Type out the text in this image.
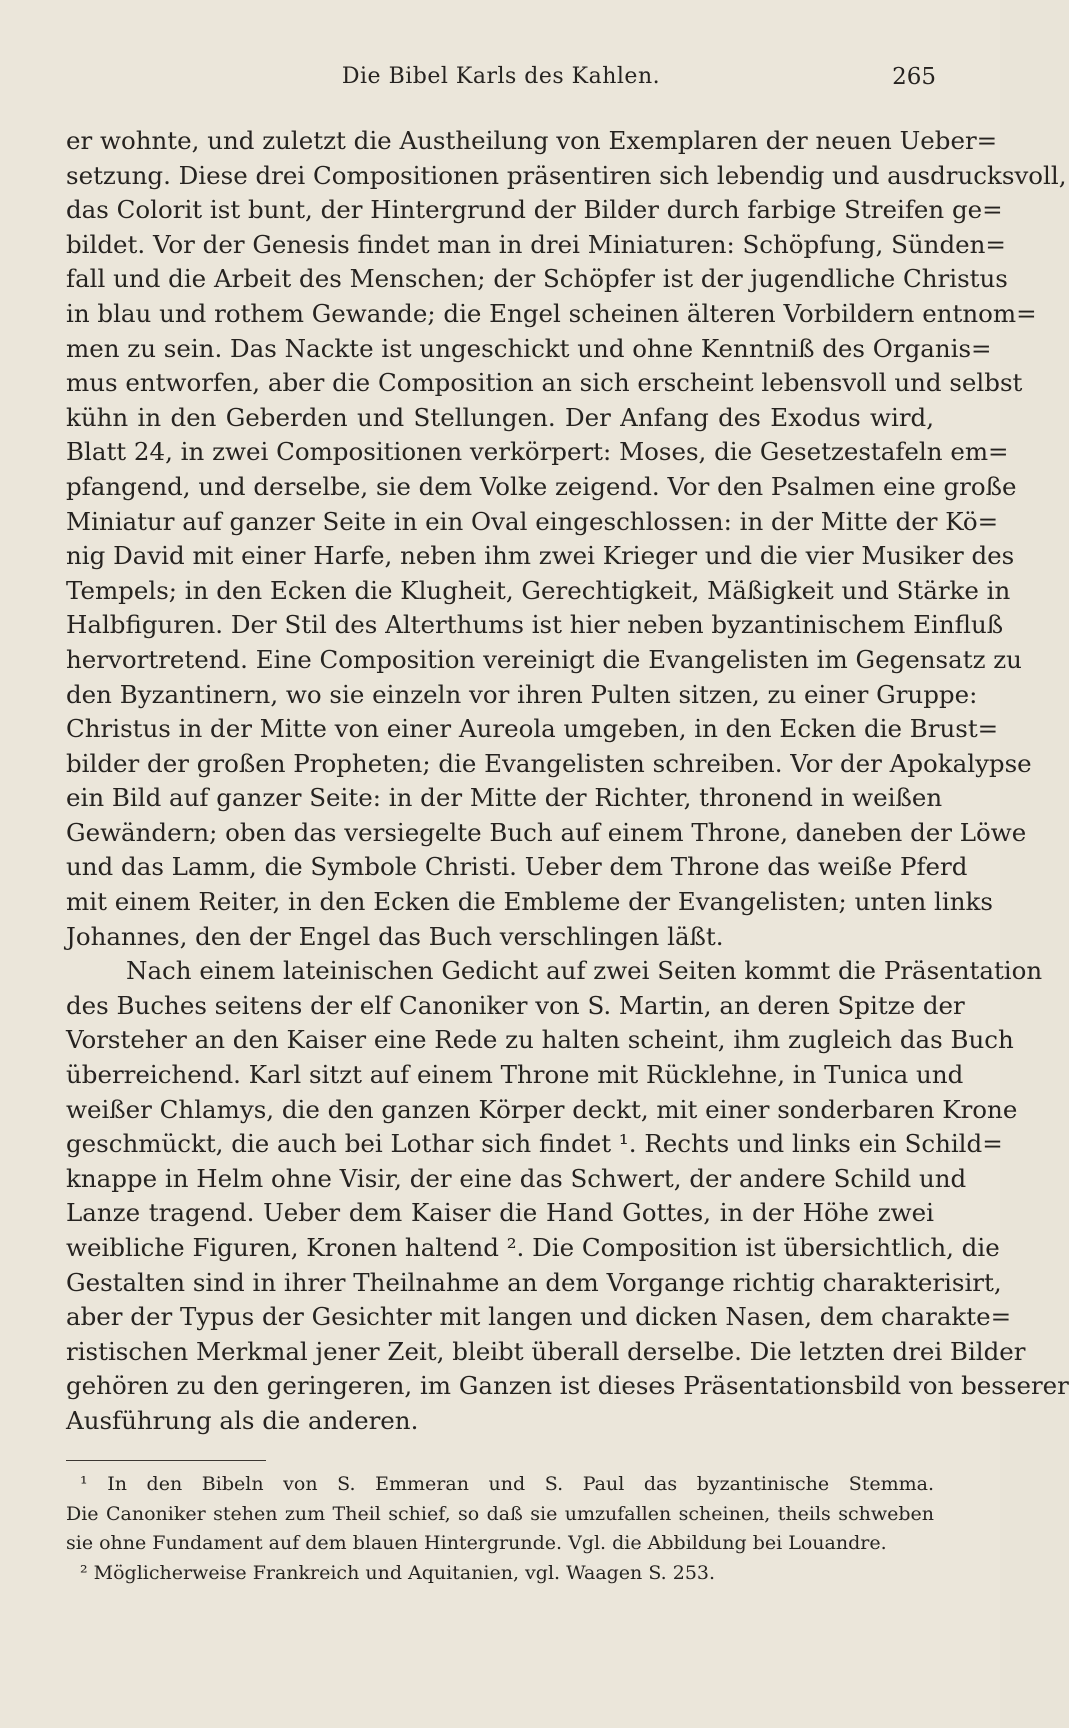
Die Bibel Karls des Kahlen.	265
er wohnte, und zuletzt die Austheilung von Exemplaren der neuen Ueber=
setzung. Diese drei Compositionen präsentiren sich lebendig und ausdrucksvoll,
das Colorit ist bunt, der Hintergrund der Bilder durch farbige Streifen ge=
bildet. Vor der Genesis findet man in drei Miniaturen: Schöpfung, Sünden=
fall und die Arbeit des Menschen; der Schöpfer ist der jugendliche Christus
in blau und rothem Gewande; die Engel scheinen älteren Vorbildern entnom=
men zu sein. Das Nackte ist ungeschickt und ohne Kenntniß des Organis=
mus entworfen, aber die Composition an sich erscheint lebensvoll und selbst
kühn in den Geberden und Stellungen. Der Anfang des Exodus wird,
Blatt 24, in zwei Compositionen verkörpert: Moses, die Gesetzestafeln em=
pfangend, und derselbe, sie dem Volke zeigend. Vor den Psalmen eine große
Miniatur auf ganzer Seite in ein Oval eingeschlossen: in der Mitte der Kö=
nig David mit einer Harfe, neben ihm zwei Krieger und die vier Musiker des
Tempels; in den Ecken die Klugheit, Gerechtigkeit, Mäßigkeit und Stärke in
Halbfiguren. Der Stil des Alterthums ist hier neben byzantinischem Einfluß
hervortretend. Eine Composition vereinigt die Evangelisten im Gegensatz zu
den Byzantinern, wo sie einzeln vor ihren Pulten sitzen, zu einer Gruppe:
Christus in der Mitte von einer Aureola umgeben, in den Ecken die Brust=
bilder der großen Propheten; die Evangelisten schreiben. Vor der Apokalypse
ein Bild auf ganzer Seite: in der Mitte der Richter, thronend in weißen
Gewändern; oben das versiegelte Buch auf einem Throne, daneben der Löwe
und das Lamm, die Symbole Christi. Ueber dem Throne das weiße Pferd
mit einem Reiter, in den Ecken die Embleme der Evangelisten; unten links
Johannes, den der Engel das Buch verschlingen läßt.
Nach einem lateinischen Gedicht auf zwei Seiten kommt die Präsentation
des Buches seitens der elf Canoniker von S. Martin, an deren Spitze der
Vorsteher an den Kaiser eine Rede zu halten scheint, ihm zugleich das Buch
überreichend. Karl sitzt auf einem Throne mit Rücklehne, in Tunica und
weißer Chlamys, die den ganzen Körper deckt, mit einer sonderbaren Krone
geschmückt, die auch bei Lothar sich findet ¹. Rechts und links ein Schild=
knappe in Helm ohne Visir, der eine das Schwert, der andere Schild und
Lanze tragend. Ueber dem Kaiser die Hand Gottes, in der Höhe zwei
weibliche Figuren, Kronen haltend ². Die Composition ist übersichtlich, die
Gestalten sind in ihrer Theilnahme an dem Vorgange richtig charakterisirt,
aber der Typus der Gesichter mit langen und dicken Nasen, dem charakte=
ristischen Merkmal jener Zeit, bleibt überall derselbe. Die letzten drei Bilder
gehören zu den geringeren, im Ganzen ist dieses Präsentationsbild von besserer
Ausführung als die anderen.
¹ In den Bibeln von S. Emmeran und S. Paul das byzantinische Stemma.
Die Canoniker stehen zum Theil schief, so daß sie umzufallen scheinen, theils schweben
sie ohne Fundament auf dem blauen Hintergrunde. Vgl. die Abbildung bei Louandre.
² Möglicherweise Frankreich und Aquitanien, vgl. Waagen S. 253.
